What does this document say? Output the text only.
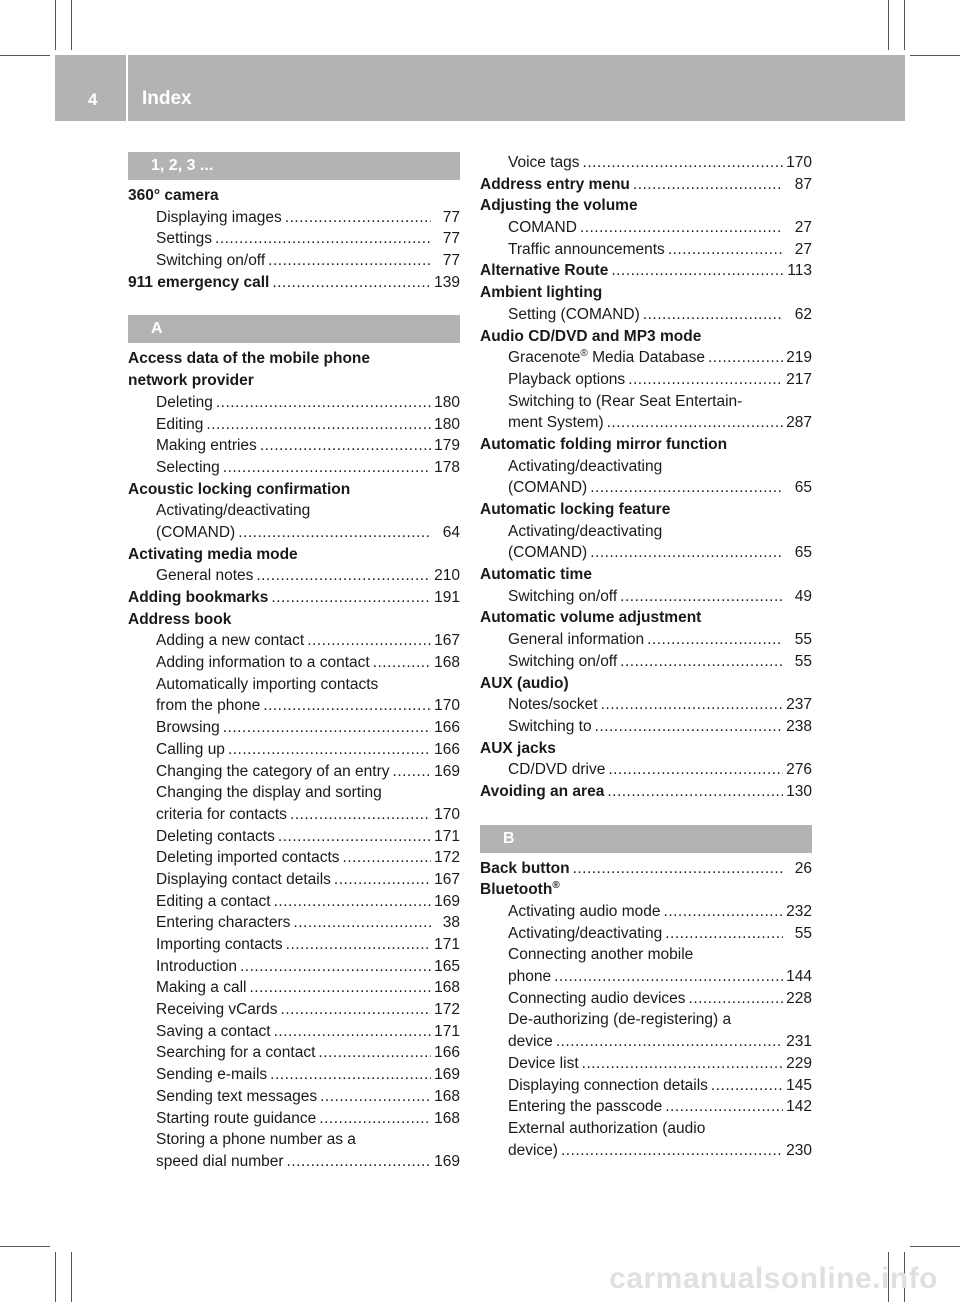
4 Index
1, 2, 3 ...
360° camera
Displaying images .....	77
Settings .....	77
Switching on/off .....	77
911 emergency call .....	139
A
Access data of the mobile phone
network provider
Deleting .....	180
Editing .....	180
Making entries .....	179
Selecting .....	178
Acoustic locking confirmation
Activating/deactivating
(COMAND) .....	64
Activating media mode
General notes .....	210
Adding bookmarks .....	191
Address book
Adding a new contact .....	167
Adding information to a contact .....	168
Automatically importing contacts
from the phone .....	170
Browsing .....	166
Calling up .....	166
Changing the category of an entry .....	169
Changing the display and sorting
criteria for contacts .....	170
Deleting contacts .....	171
Deleting imported contacts .....	172
Displaying contact details .....	167
Editing a contact .....	169
Entering characters .....	38
Importing contacts .....	171
Introduction .....	165
Making a call .....	168
Receiving vCards .....	172
Saving a contact .....	171
Searching for a contact .....	166
Sending e-mails .....	169
Sending text messages .....	168
Starting route guidance .....	168
Storing a phone number as a
speed dial number .....	169
Voice tags .....	170
Address entry menu .....	87
Adjusting the volume
COMAND .....	27
Traffic announcements .....	27
Alternative Route .....	113
Ambient lighting
Setting (COMAND) .....	62
Audio CD/DVD and MP3 mode
Gracenote® Media Database .....	219
Playback options .....	217
Switching to (Rear Seat Entertain-
ment System) .....	287
Automatic folding mirror function
Activating/deactivating
(COMAND) .....	65
Automatic locking feature
Activating/deactivating
(COMAND) .....	65
Automatic time
Switching on/off .....	49
Automatic volume adjustment
General information .....	55
Switching on/off .....	55
AUX (audio)
Notes/socket .....	237
Switching to .....	238
AUX jacks
CD/DVD drive .....	276
Avoiding an area .....	130
B
Back button .....	26
Bluetooth®
Activating audio mode .....	232
Activating/deactivating .....	55
Connecting another mobile
phone .....	144
Connecting audio devices .....	228
De-authorizing (de-registering) a
device .....	231
Device list .....	229
Displaying connection details .....	145
Entering the passcode .....	142
External authorization (audio
device) .....	230
carmanualsonline.info
